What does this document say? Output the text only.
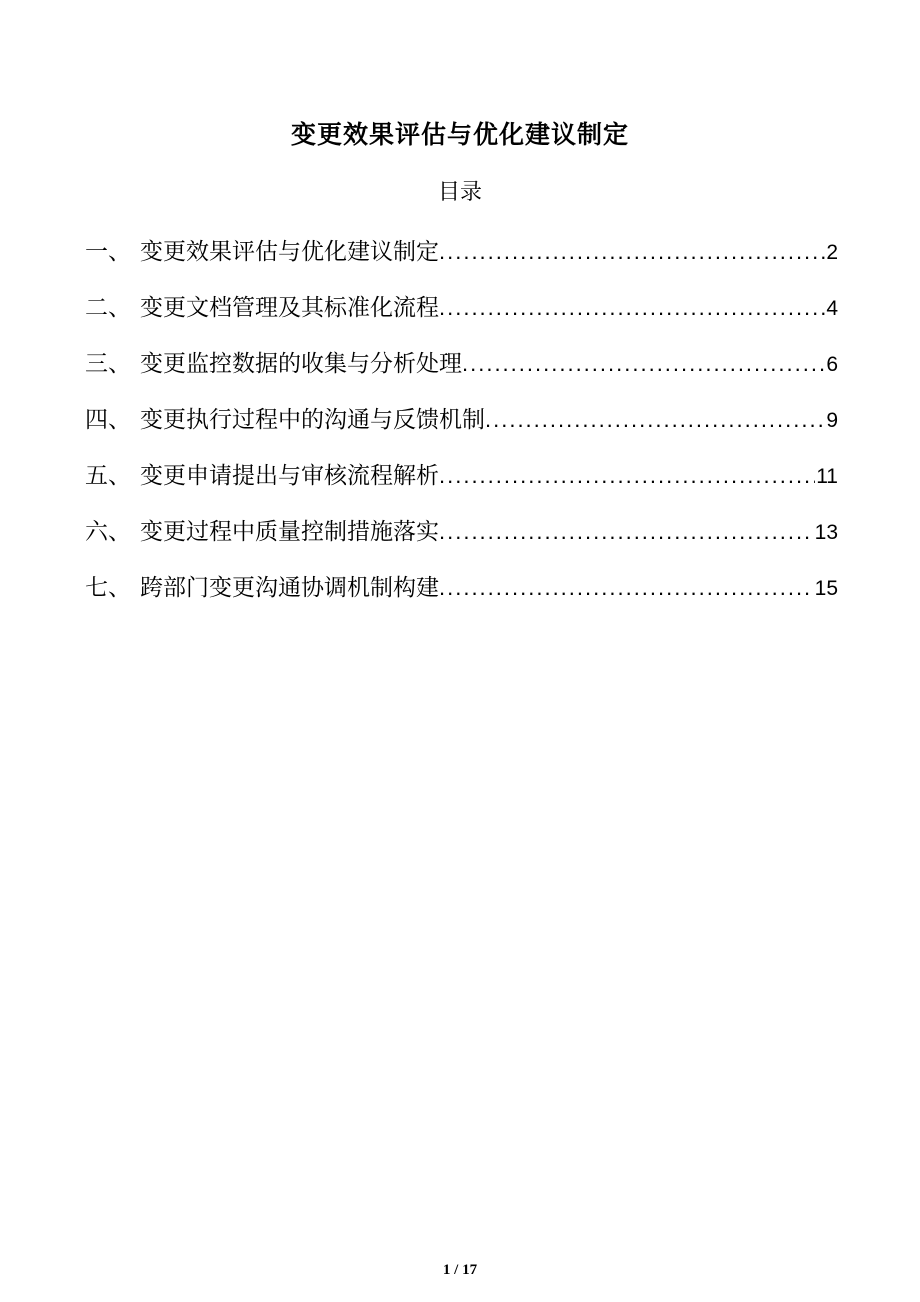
变更效果评估与优化建议制定
目录
一、 变更效果评估与优化建议制定 .....	2
二、 变更文档管理及其标准化流程 .....	4
三、 变更监控数据的收集与分析处理 .....	6
四、 变更执行过程中的沟通与反馈机制 .....	9
五、 变更申请提出与审核流程解析 .....	11
六、 变更过程中质量控制措施落实 .....	13
七、 跨部门变更沟通协调机制构建 .....	15
1 / 17
